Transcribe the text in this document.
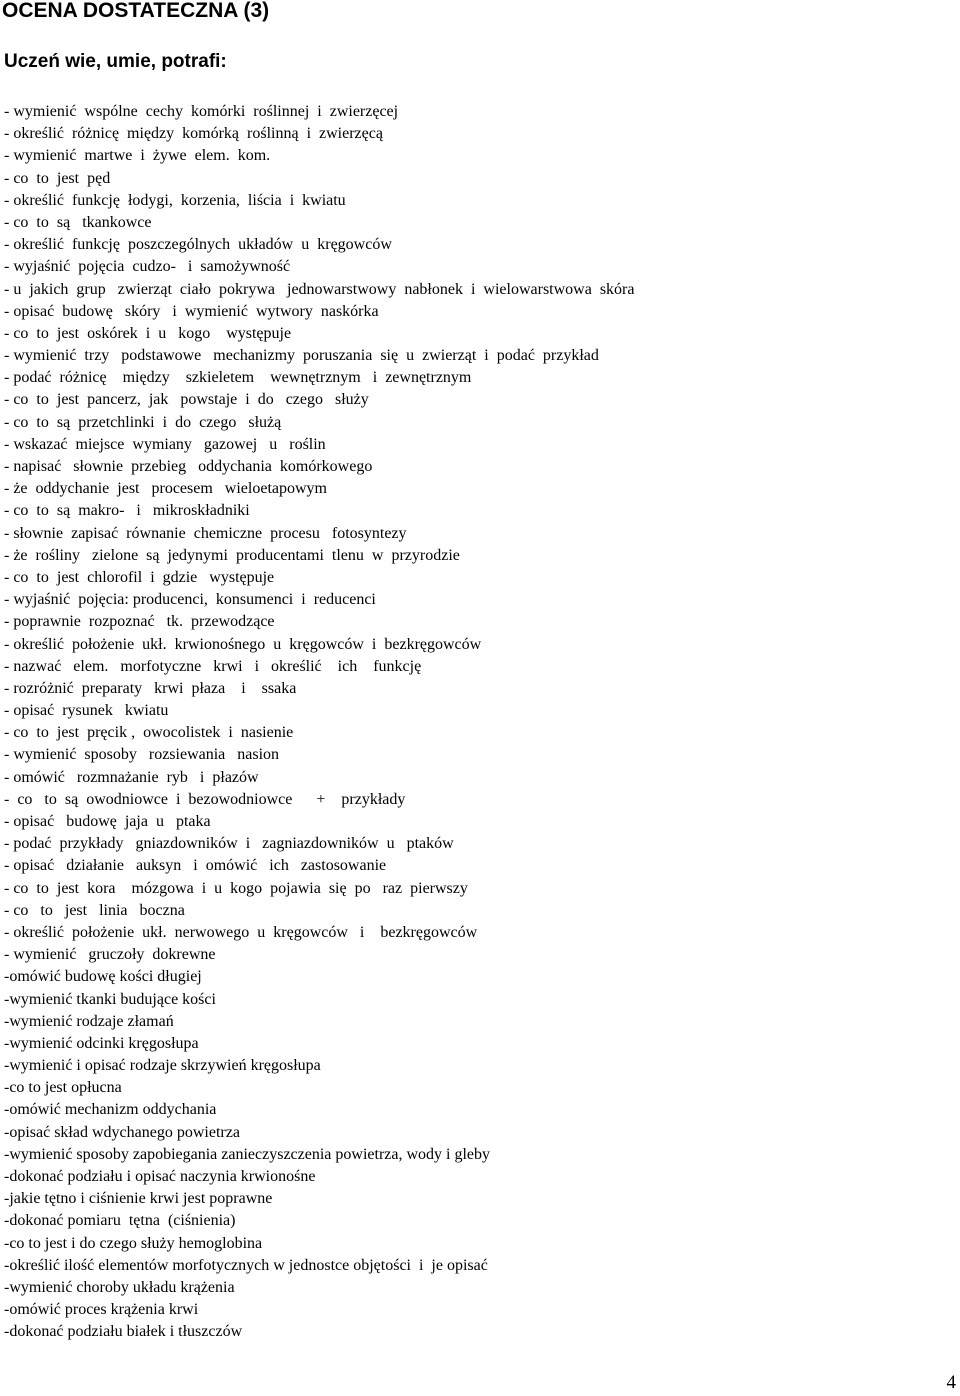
OCENA DOSTATECZNA (3)
Uczeń wie, umie, potrafi:
- wymienić  wspólne  cechy  komórki  roślinnej  i  zwierzęcej
- określić  różnicę  między  komórką  roślinną  i  zwierzęcą
- wymienić  martwe  i  żywe  elem.  kom.
- co  to  jest  pęd
- określić  funkcję  łodygi,  korzenia,  liścia  i  kwiatu
- co  to  są   tkankowce
- określić  funkcję  poszczególnych  układów  u  kręgowców
- wyjaśnić  pojęcia  cudzo-   i  samożywność
- u  jakich  grup   zwierząt  ciało  pokrywa   jednowarstwowy  nabłonek  i  wielowarstwowa  skóra
- opisać  budowę   skóry   i  wymienić  wytwory  naskórka
- co  to  jest  oskórek  i  u   kogo    występuje
- wymienić  trzy   podstawowe   mechanizmy  poruszania  się  u  zwierząt  i  podać  przykład
- podać  różnicę    między    szkieletem    wewnętrznym   i  zewnętrznym
- co  to  jest  pancerz,  jak   powstaje  i  do   czego   służy
- co  to  są  przetchlinki  i  do  czego   służą
- wskazać  miejsce  wymiany   gazowej   u   roślin
- napisać   słownie  przebieg   oddychania  komórkowego
- że  oddychanie  jest   procesem   wieloetapowym
- co  to  są  makro-   i   mikroskładniki
- słownie  zapisać  równanie  chemiczne  procesu   fotosyntezy
- że  rośliny   zielone  są  jedynymi  producentami  tlenu  w  przyrodzie
- co  to  jest  chlorofil  i  gdzie   występuje
- wyjaśnić  pojęcia: producenci,  konsumenci  i  reducenci
- poprawnie  rozpoznać   tk.  przewodzące
- określić  położenie  ukł.  krwionośnego  u  kręgowców  i  bezkręgowców
- nazwać   elem.   morfotyczne   krwi   i   określić    ich    funkcję
- rozróżnić  preparaty   krwi  płaza    i    ssaka
- opisać  rysunek   kwiatu
- co  to  jest  pręcik ,  owocolistek  i  nasienie
- wymienić  sposoby   rozsiewania   nasion
- omówić   rozmnażanie  ryb   i  płazów
-  co   to  są  owodniowce  i  bezowodniowce      +    przykłady
- opisać   budowę  jaja  u   ptaka
- podać  przykłady   gniazdowników  i   zagniazdowników  u   ptaków
- opisać   działanie   auksyn   i  omówić   ich   zastosowanie
- co  to  jest  kora    mózgowa  i  u  kogo  pojawia  się  po   raz  pierwszy
- co   to   jest   linia   boczna
- określić  położenie  ukł.  nerwowego  u  kręgowców   i    bezkręgowców
- wymienić   gruczoły  dokrewne
-omówić budowę kości długiej
-wymienić tkanki budujące kości
-wymienić rodzaje złamań
-wymienić odcinki kręgosłupa
-wymienić i opisać rodzaje skrzywień kręgosłupa
-co to jest opłucna
-omówić mechanizm oddychania
-opisać skład wdychanego powietrza
-wymienić sposoby zapobiegania zanieczyszczenia powietrza, wody i gleby
-dokonać podziału i opisać naczynia krwionośne
-jakie tętno i ciśnienie krwi jest poprawne
-dokonać pomiaru  tętna  (ciśnienia)
-co to jest i do czego służy hemoglobina
-określić ilość elementów morfotycznych w jednostce objętości  i  je opisać
-wymienić choroby układu krążenia
-omówić proces krążenia krwi
-dokonać podziału białek i tłuszczów
4
